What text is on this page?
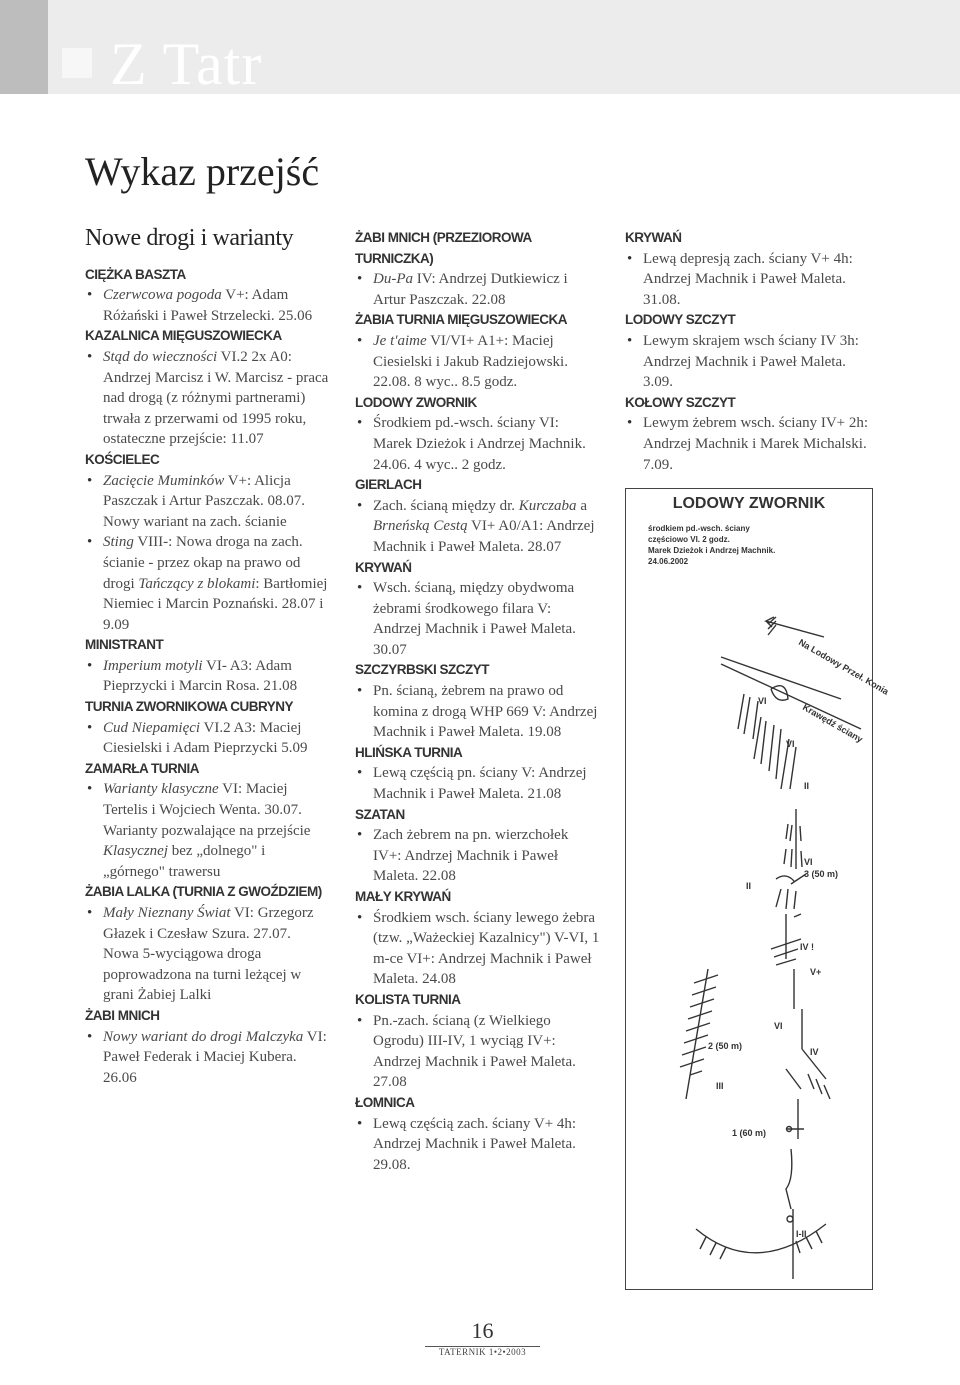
Z Tatr
Wykaz przejść
Nowe drogi i warianty
CIĘŻKA BASZTA
• Czerwcowa pogoda V+: Adam Różański i Paweł Strzelecki. 25.06
KAZALNICA MIĘGUSZOWIECKA
• Stąd do wieczności VI.2 2x A0: Andrzej Marcisz i W. Marcisz - praca nad drogą (z różnymi partnerami) trwała z przerwami od 1995 roku, ostateczne przejście: 11.07
KOŚCIELEC
• Zacięcie Muminków V+: Alicja Paszczak i Artur Paszczak. 08.07. Nowy wariant na zach. ścianie
• Sting VIII-: Nowa droga na zach. ścianie - przez okap na prawo od drogi Tańczący z blokami: Bartłomiej Niemiec i Marcin Poznański. 28.07 i 9.09
MINISTRANT
• Imperium motyli VI- A3: Adam Pieprzycki i Marcin Rosa. 21.08
TURNIA ZWORNIKOWA CUBRYNY
• Cud Niepamięci VI.2 A3: Maciej Ciesielski i Adam Pieprzycki 5.09
ZAMARŁA TURNIA
• Warianty klasyczne VI: Maciej Tertelis i Wojciech Wenta. 30.07. Warianty pozwalające na przejście Klasycznej bez „dolnego" i „górnego" trawersu
ŻABIA LALKA (TURNIA Z GWOŹDZIEM)
• Mały Nieznany Świat VI: Grzegorz Głazek i Czesław Szura. 27.07. Nowa 5-wyciągowa droga poprowadzona na turni leżącej w grani Żabiej Lalki
ŻABI MNICH
• Nowy wariant do drogi Malczyka VI: Paweł Federak i Maciej Kubera. 26.06
ŻABI MNICH (PRZEZIOROWA TURNICZKA)
• Du-Pa IV: Andrzej Dutkiewicz i Artur Paszczak. 22.08
ŻABIA TURNIA MIĘGUSZOWIECKA
• Je t'aime VI/VI+ A1+: Maciej Ciesielski i Jakub Radziejowski. 22.08. 8 wyc.. 8.5 godz.
LODOWY ZWORNIK
• Środkiem pd.-wsch. ściany VI: Marek Dzieżok i Andrzej Machnik. 24.06. 4 wyc.. 2 godz.
GIERLACH
• Zach. ścianą między dr. Kurczaba a Brneńską Cestą VI+ A0/A1: Andrzej Machnik i Paweł Maleta. 28.07
KRYWAŃ
• Wsch. ścianą, między obydwoma żebrami środkowego filara V: Andrzej Machnik i Paweł Maleta. 30.07
SZCZYRBSKI SZCZYT
• Pn. ścianą, żebrem na prawo od komina z drogą WHP 669 V: Andrzej Machnik i Paweł Maleta. 19.08
HLIŃSKA TURNIA
• Lewą częścią pn. ściany V: Andrzej Machnik i Paweł Maleta. 21.08
SZATAN
• Zach żebrem na pn. wierzchołek IV+: Andrzej Machnik i Paweł Maleta. 22.08
MAŁY KRYWAŃ
• Środkiem wsch. ściany lewego żebra (tzw. „Ważeckiej Kazalnicy") V-VI, 1 m-ce VI+: Andrzej Machnik i Paweł Maleta. 24.08
KOLISTA TURNIA
• Pn.-zach. ścianą (z Wielkiego Ogrodu) III-IV, 1 wyciąg IV+: Andrzej Machnik i Paweł Maleta. 27.08
ŁOMNICA
• Lewą częścią zach. ściany V+ 4h: Andrzej Machnik i Paweł Maleta. 29.08.
KRYWAŃ
• Lewą depresją zach. ściany V+ 4h: Andrzej Machnik i Paweł Maleta. 31.08.
LODOWY SZCZYT
• Lewym skrajem wsch ściany IV 3h: Andrzej Machnik i Paweł Maleta. 3.09.
KOŁOWY SZCZYT
• Lewym żebrem wsch. ściany IV+ 2h: Andrzej Machnik i Marek Michalski. 7.09.
LODOWY ZWORNIK
środkiem pd.-wsch. ściany
częściowo VI. 2 godz.
Marek Dzieżok i Andrzej Machnik.
24.06.2002
Na Lodowy Przeł. Konia
Krawędź ściany
VI
VI
II
3 (50 m)
II
VI
IV !
V+
VI
2 (50 m)
IV
III
1 (60 m)
I-II
16
TATERNIK 1•2•2003
